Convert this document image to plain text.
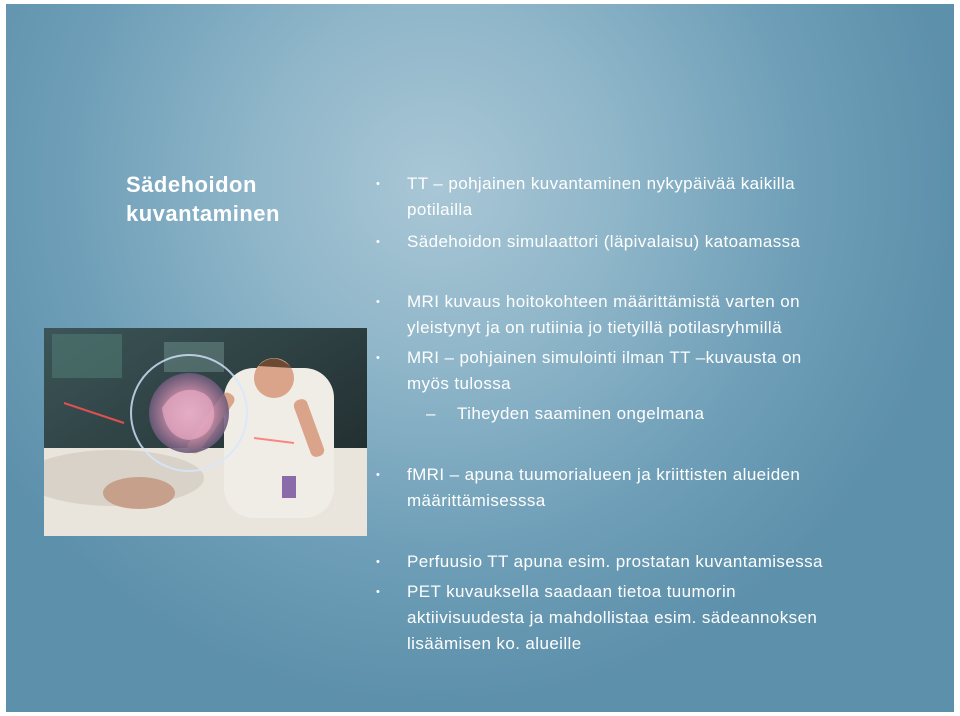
Sädehoidon kuvantaminen
•	TT – pohjainen kuvantaminen nykypäivää kaikilla
potilailla
•	Sädehoidon simulaattori (läpivalaisu) katoamassa
•	MRI kuvaus hoitokohteen määrittämistä varten on
yleistynyt ja on rutiinia jo tietyillä potilasryhmillä
•	MRI – pohjainen simulointi ilman TT –kuvausta on
myös tulossa
–	Tiheyden saaminen ongelmana
•	fMRI – apuna tuumorialueen ja kriittisten alueiden
määrittämisesssa
•	Perfuusio TT apuna esim. prostatan kuvantamisessa
•	PET kuvauksella saadaan tietoa tuumorin
aktiivisuudesta ja mahdollistaa esim. sädeannoksen
lisäämisen ko. alueille
